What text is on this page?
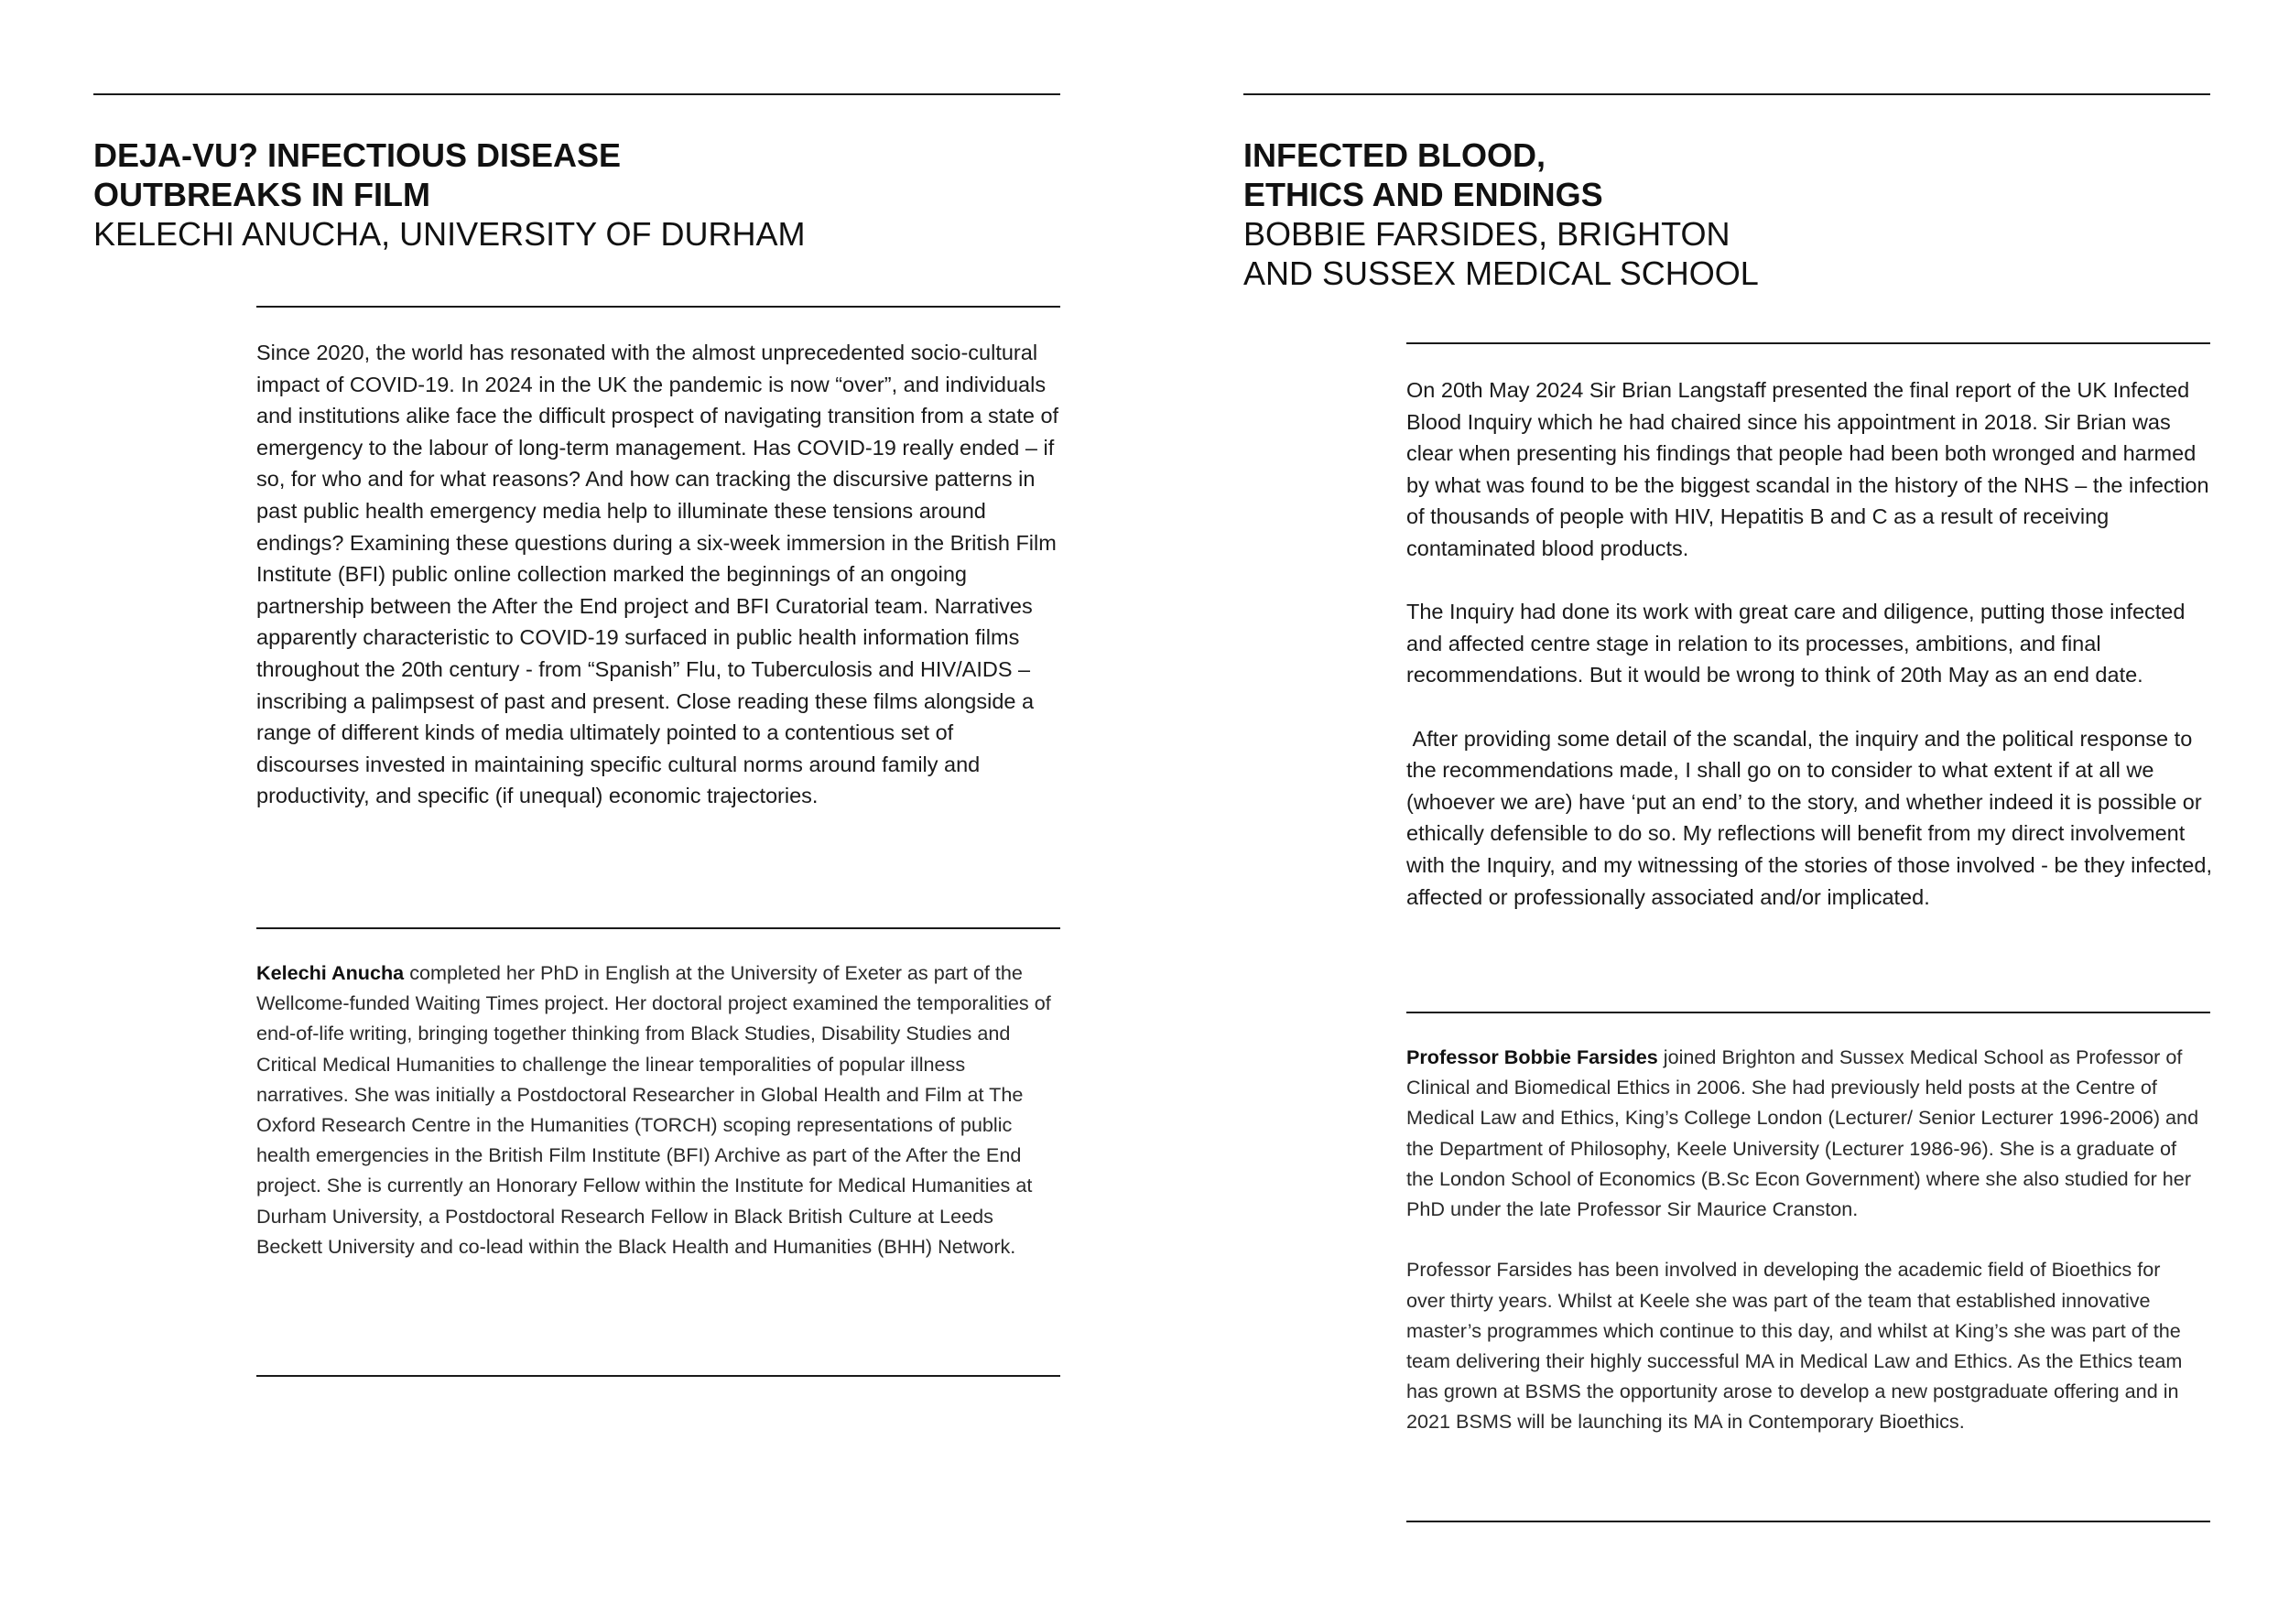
DEJA-VU? INFECTIOUS DISEASE
OUTBREAKS IN FILM
KELECHI ANUCHA, UNIVERSITY OF DURHAM

Since 2020, the world has resonated with the almost unprecedented socio-cultural impact of COVID-19. In 2024 in the UK the pandemic is now “over”, and individuals and institutions alike face the difficult prospect of navigating transition from a state of emergency to the labour of long-term management. Has COVID-19 really ended – if so, for who and for what reasons? And how can tracking the discursive patterns in past public health emergency media help to illuminate these tensions around endings? Examining these questions during a six-week immersion in the British Film Institute (BFI) public online collection marked the beginnings of an ongoing partnership between the After the End project and BFI Curatorial team. Narratives apparently characteristic to COVID-19 surfaced in public health information films throughout the 20th century - from “Spanish” Flu, to Tuberculosis and HIV/AIDS – inscribing a palimpsest of past and present. Close reading these films alongside a range of different kinds of media ultimately pointed to a contentious set of discourses invested in maintaining specific cultural norms around family and productivity, and specific (if unequal) economic trajectories.

Kelechi Anucha completed her PhD in English at the University of Exeter as part of the Wellcome-funded Waiting Times project. Her doctoral project examined the temporalities of end-of-life writing, bringing together thinking from Black Studies, Disability Studies and Critical Medical Humanities to challenge the linear temporalities of popular illness narratives. She was initially a Postdoctoral Researcher in Global Health and Film at The Oxford Research Centre in the Humanities (TORCH) scoping representations of public health emergencies in the British Film Institute (BFI) Archive as part of the After the End project. She is currently an Honorary Fellow within the Institute for Medical Humanities at Durham University, a Postdoctoral Research Fellow in Black British Culture at Leeds Beckett University and co-lead within the Black Health and Humanities (BHH) Network.

INFECTED BLOOD,
ETHICS AND ENDINGS
BOBBIE FARSIDES, BRIGHTON
AND SUSSEX MEDICAL SCHOOL

On 20th May 2024 Sir Brian Langstaff presented the final report of the UK Infected Blood Inquiry which he had chaired since his appointment in 2018. Sir Brian was clear when presenting his findings that people had been both wronged and harmed by what was found to be the biggest scandal in the history of the NHS – the infection of thousands of people with HIV, Hepatitis B and C as a result of receiving contaminated blood products.

The Inquiry had done its work with great care and diligence, putting those infected and affected centre stage in relation to its processes, ambitions, and final recommendations. But it would be wrong to think of 20th May as an end date.

After providing some detail of the scandal, the inquiry and the political response to the recommendations made, I shall go on to consider to what extent if at all we (whoever we are) have ‘put an end’ to the story, and whether indeed it is possible or ethically defensible to do so. My reflections will benefit from my direct involvement with the Inquiry, and my witnessing of the stories of those involved - be they infected, affected or professionally associated and/or implicated.

Professor Bobbie Farsides joined Brighton and Sussex Medical School as Professor of Clinical and Biomedical Ethics in 2006. She had previously held posts at the Centre of Medical Law and Ethics, King’s College London (Lecturer/ Senior Lecturer 1996-2006) and the Department of Philosophy, Keele University (Lecturer 1986-96). She is a graduate of the London School of Economics (B.Sc Econ Government) where she also studied for her PhD under the late Professor Sir Maurice Cranston.

Professor Farsides has been involved in developing the academic field of Bioethics for over thirty years. Whilst at Keele she was part of the team that established innovative master’s programmes which continue to this day, and whilst at King’s she was part of the team delivering their highly successful MA in Medical Law and Ethics. As the Ethics team has grown at BSMS the opportunity arose to develop a new postgraduate offering and in 2021 BSMS will be launching its MA in Contemporary Bioethics.
